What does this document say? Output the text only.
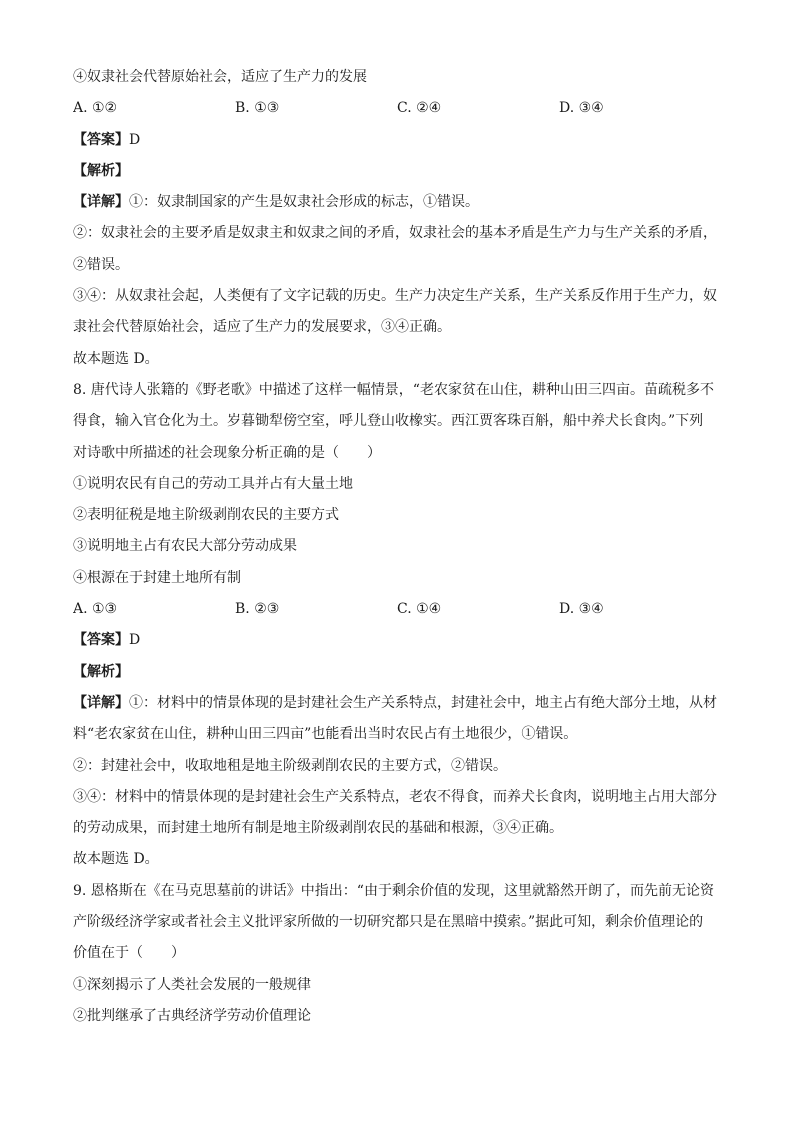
④奴隶社会代替原始社会，适应了生产力的发展
A. ①②	B. ①③	C. ②④	D. ③④
【答案】D
【解析】
【详解】①：奴隶制国家的产生是奴隶社会形成的标志，①错误。
②：奴隶社会的主要矛盾是奴隶主和奴隶之间的矛盾，奴隶社会的基本矛盾是生产力与生产关系的矛盾，
②错误。
③④：从奴隶社会起，人类便有了文字记载的历史。生产力决定生产关系，生产关系反作用于生产力，奴
隶社会代替原始社会，适应了生产力的发展要求，③④正确。
故本题选 D。
8. 唐代诗人张籍的《野老歌》中描述了这样一幅情景，“老农家贫在山住，耕种山田三四亩。苗疏税多不
得食，输入官仓化为土。岁暮锄犁傍空室，呼儿登山收橡实。西江贾客珠百斛，船中养犬长食肉。”下列
对诗歌中所描述的社会现象分析正确的是（　　）
①说明农民有自己的劳动工具并占有大量土地
②表明征税是地主阶级剥削农民的主要方式
③说明地主占有农民大部分劳动成果
④根源在于封建土地所有制
A. ①③	B. ②③	C. ①④	D. ③④
【答案】D
【解析】
【详解】①：材料中的情景体现的是封建社会生产关系特点，封建社会中，地主占有绝大部分土地，从材
料“老农家贫在山住，耕种山田三四亩”也能看出当时农民占有土地很少，①错误。
②：封建社会中，收取地租是地主阶级剥削农民的主要方式，②错误。
③④：材料中的情景体现的是封建社会生产关系特点，老农不得食，而养犬长食肉，说明地主占用大部分
的劳动成果，而封建土地所有制是地主阶级剥削农民的基础和根源，③④正确。
故本题选 D。
9. 恩格斯在《在马克思墓前的讲话》中指出：“由于剩余价值的发现，这里就豁然开朗了，而先前无论资
产阶级经济学家或者社会主义批评家所做的一切研究都只是在黑暗中摸索。”据此可知，剩余价值理论的
价值在于（　　）
①深刻揭示了人类社会发展的一般规律
②批判继承了古典经济学劳动价值理论
